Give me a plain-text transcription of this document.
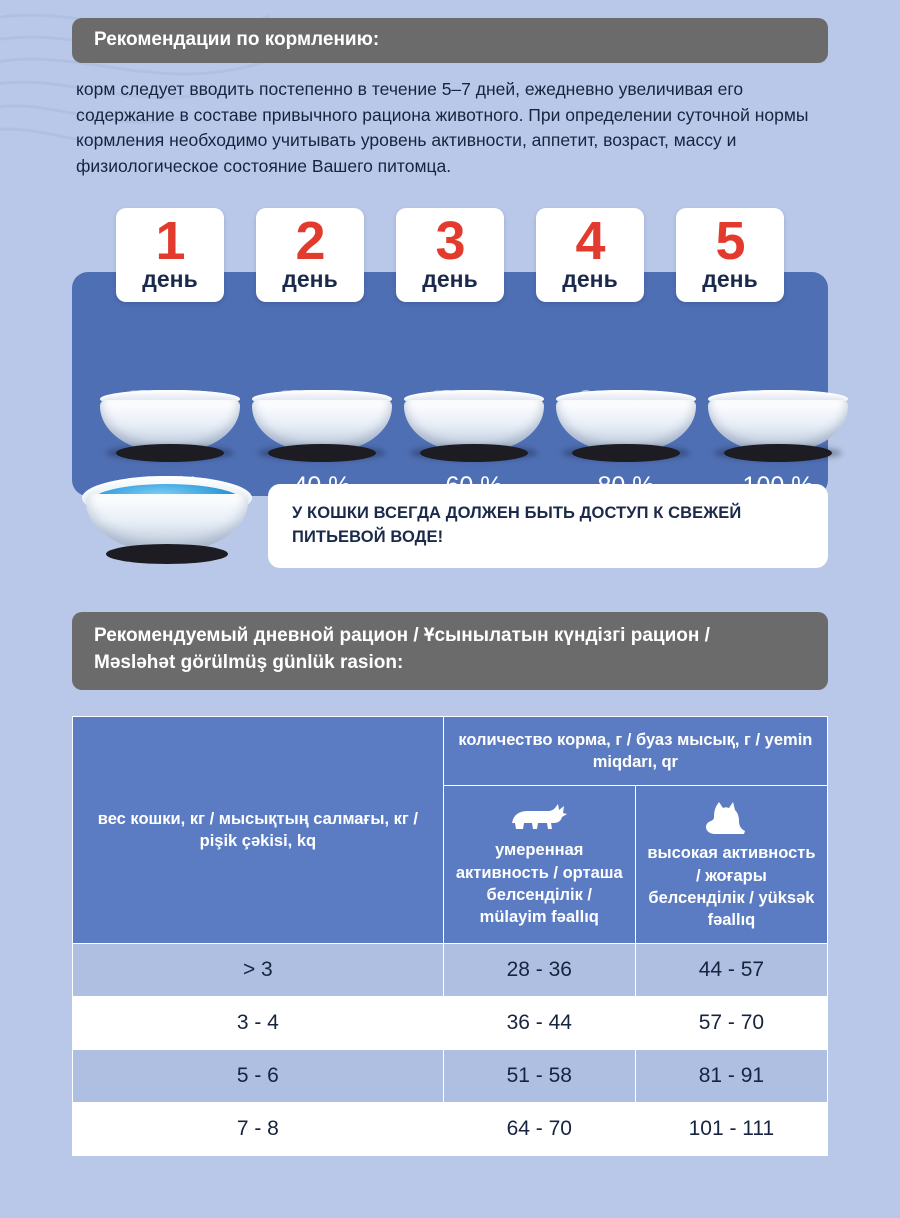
Рекомендации по кормлению:

корм следует вводить постепенно в течение 5–7 дней, ежедневно увеличивая его содержание в составе привычного рациона животного. При определении суточной нормы кормления необходимо учитывать уровень активности, аппетит, возраст, массу и физиологическое состояние Вашего питомца.

1
день
2
день
3
день
4
день
5
день
У КОШКИ ВСЕГДА ДОЛЖЕН БЫТЬ ДОСТУП К СВЕЖЕЙ ПИТЬЕВОЙ ВОДЕ!
Рекомендуемый дневной рацион / Ұсынылатын күндізгі рацион /
Məsləhət görülmüş günlük rasion:
вес кошки, кг / мысықтың салмағы, кг / pişik çəkisi, kq	количество корма, г / буаз мысық, г / yemin miqdarı, qr	

	умеренная активность / орташа белсенділік / mülayim fəallıq	высокая активность / жоғары белсенділік / yüksək fəallıq

> 3	28 - 36	44 - 57
3 - 4	36 - 44	57 - 70
5 - 6	51 - 58	81 - 91
7 - 8	64 - 70	101 - 111
